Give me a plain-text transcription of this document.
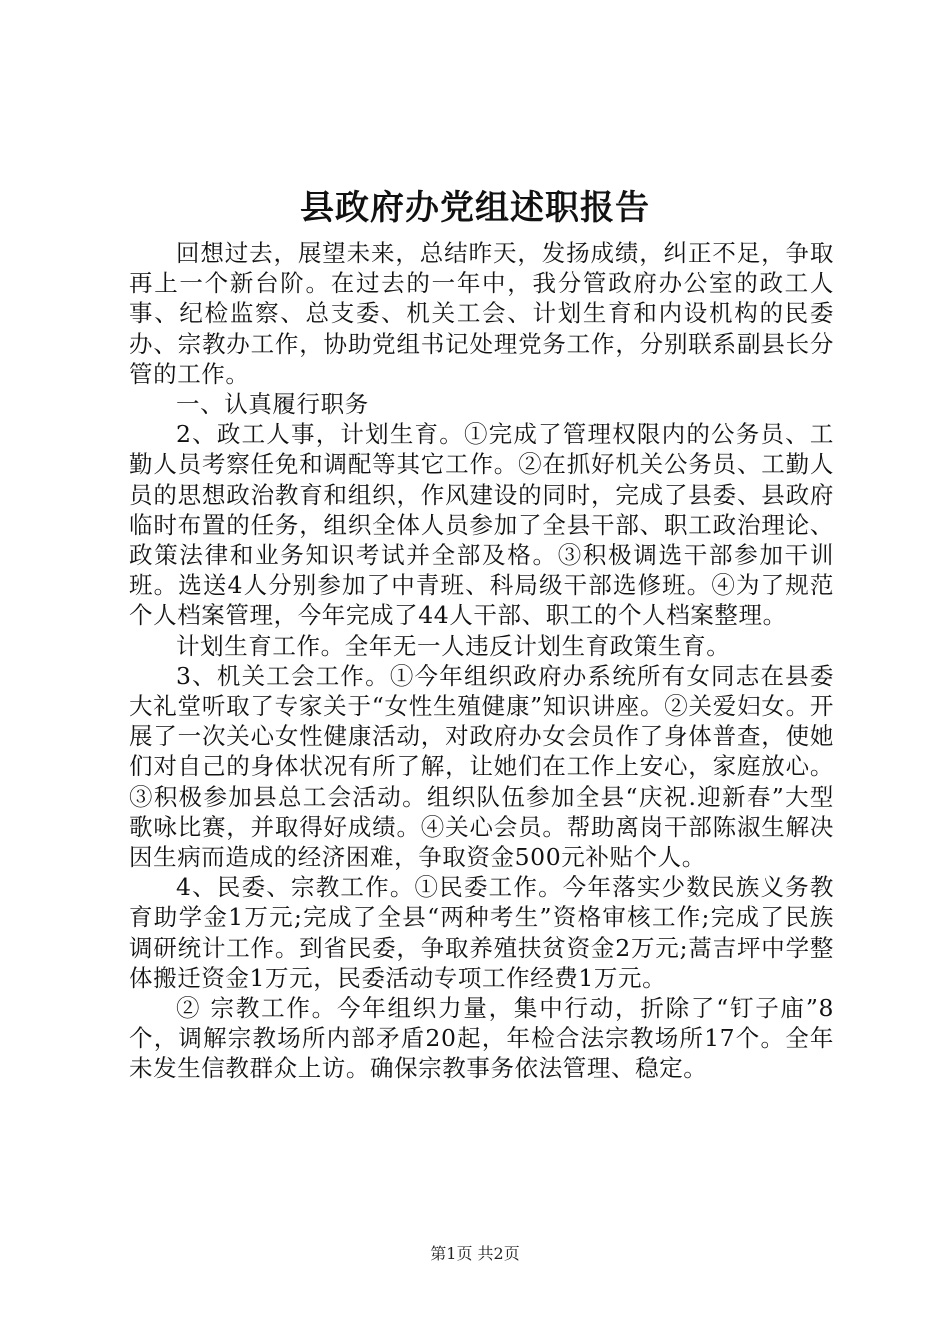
县政府办党组述职报告

回想过去，展望未来，总结昨天，发扬成绩，纠正不足，争取再上一个新台阶。在过去的一年中，我分管政府办公室的政工人事、纪检监察、总支委、机关工会、计划生育和内设机构的民委办、宗教办工作，协助党组书记处理党务工作，分别联系副县长分管的工作。

一、认真履行职务

2、政工人事，计划生育。①完成了管理权限内的公务员、工勤人员考察任免和调配等其它工作。②在抓好机关公务员、工勤人员的思想政治教育和组织，作风建设的同时，完成了县委、县政府临时布置的任务，组织全体人员参加了全县干部、职工政治理论、政策法律和业务知识考试并全部及格。③积极调选干部参加干训班。选送4人分别参加了中青班、科局级干部选修班。④为了规范个人档案管理，今年完成了44人干部、职工的个人档案整理。

计划生育工作。全年无一人违反计划生育政策生育。

3、机关工会工作。①今年组织政府办系统所有女同志在县委大礼堂听取了专家关于“女性生殖健康”知识讲座。②关爱妇女。开展了一次关心女性健康活动，对政府办女会员作了身体普查，使她们对自己的身体状况有所了解，让她们在工作上安心，家庭放心。③积极参加县总工会活动。组织队伍参加全县“庆祝.迎新春”大型歌咏比赛，并取得好成绩。④关心会员。帮助离岗干部陈淑生解决因生病而造成的经济困难，争取资金500元补贴个人。

4、民委、宗教工作。①民委工作。今年落实少数民族义务教育助学金1万元;完成了全县“两种考生”资格审核工作;完成了民族调研统计工作。到省民委，争取养殖扶贫资金2万元;蒿吉坪中学整体搬迁资金1万元，民委活动专项工作经费1万元。

② 宗教工作。今年组织力量，集中行动，折除了“钉子庙”8个，调解宗教场所内部矛盾20起，年检合法宗教场所17个。全年未发生信教群众上访。确保宗教事务依法管理、稳定。

第1页 共2页
